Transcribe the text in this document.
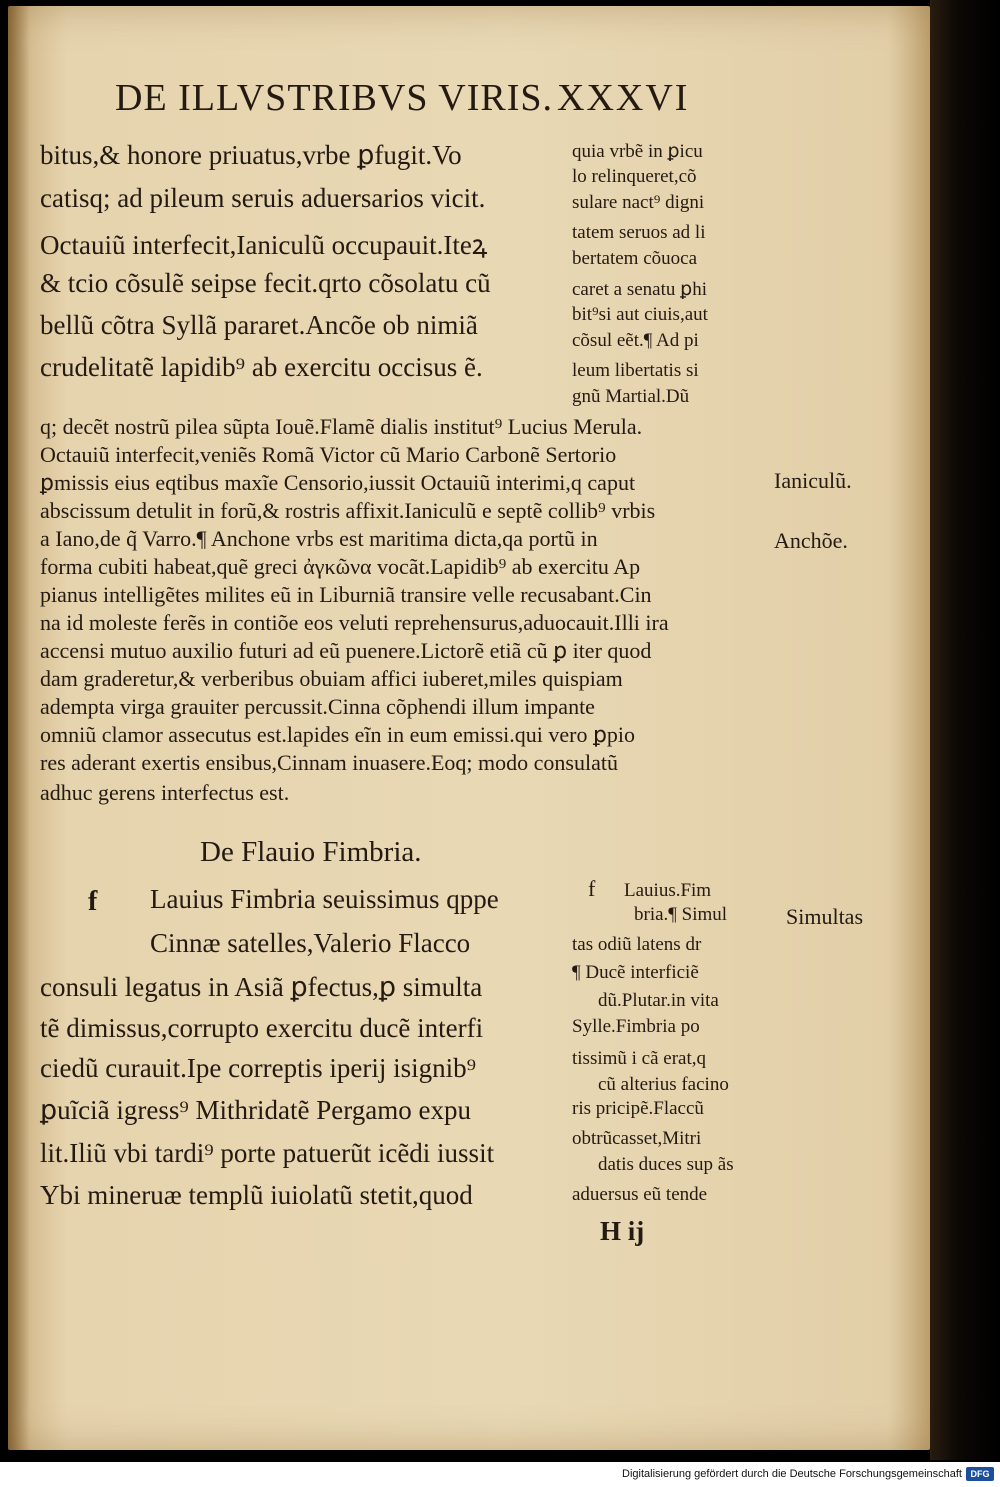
DE ILLVSTRIBVS VIRIS. XXXVI
bitus,& honore priuatus,vrbe ꝑfugit.Vo
catisq; ad pileum seruis aduersarios vicit.
Octauiũ interfecit,Ianiculũ occupauit.Iteꝝ
& tcio cõsulẽ seipse fecit.qrto cõsolatu cũ
bellũ cõtra Syllã pararet.Ancõe ob nimiã
crudelitatẽ lapidib⁹ ab exercitu occisus ẽ.
quia vrbẽ in ꝑicu
lo relinqueret,cõ
sulare nact⁹ digni
tatem seruos ad li
bertatem cõuoca
caret a senatu ꝑhi
bit⁹si aut ciuis,aut
cõsul eẽt.¶ Ad pi
leum libertatis si
gnũ Martial.Dũ
q; decẽt nostrũ pilea sũpta Iouẽ.Flamẽ dialis institut⁹ Lucius Merula.
Octauiũ interfecit,veniẽs Romã Victor cũ Mario Carbonẽ Sertorio
ꝑmissis eius eqtibus maxĩe Censorio,iussit Octauiũ interimi,q caput
abscissum detulit in forũ,& rostris affixit.Ianiculũ e septẽ collib⁹ vrbis
a Iano,de q̃ Varro.¶ Anchone vrbs est maritima dicta,qa portũ in
forma cubiti habeat,quẽ greci ἀγκῶνα vocãt.Lapidib⁹ ab exercitu Ap
pianus intelligẽtes milites eũ in Liburniã transire velle recusabant.Cin
na id moleste ferẽs in contiõe eos veluti reprehensurus,aduocauit.Illi ira
accensi mutuo auxilio futuri ad eũ puenere.Lictorẽ etiã cũ ꝑ iter quod
dam graderetur,& verberibus obuiam affici iuberet,miles quispiam
adempta virga grauiter percussit.Cinna cõphendi illum impante
omniũ clamor assecutus est.lapides eĩn in eum emissi.qui vero ꝑpio
res aderant exertis ensibus,Cinnam inuasere.Eoq; modo consulatũ
adhuc gerens interfectus est.
Ianiculũ.
Anchõe.
Simultas
De Flauio Fimbria.
f Lauius Fimbria seuissimus qppe
Cinnæ satelles,Valerio Flacco
consuli legatus in Asiã ꝑfectus,ꝑ simulta
tẽ dimissus,corrupto exercitu ducẽ interfi
ciedũ curauit.Ipe correptis iperij isignib⁹
ꝑuĩciã igress⁹ Mithridatẽ Pergamo expu
lit.Iliũ vbi tardi⁹ porte patuerũt icẽdi iussit
Ybi mineruæ templũ iuiolatũ stetit,quod
f Lauius.Fim
bria.¶ Simul
tas odiũ latens dr
¶ Ducẽ interficiẽ
dũ.Plutar.in vita
Sylle.Fimbria po
tissimũ i cã erat,q
cũ alterius facino
ris pricipẽ.Flaccũ
obtrũcasset,Mitri
datis duces sup ãs
aduersus eũ tende
H ij
Digitalisierung gefördert durch die Deutsche Forschungsgemeinschaft DFG
